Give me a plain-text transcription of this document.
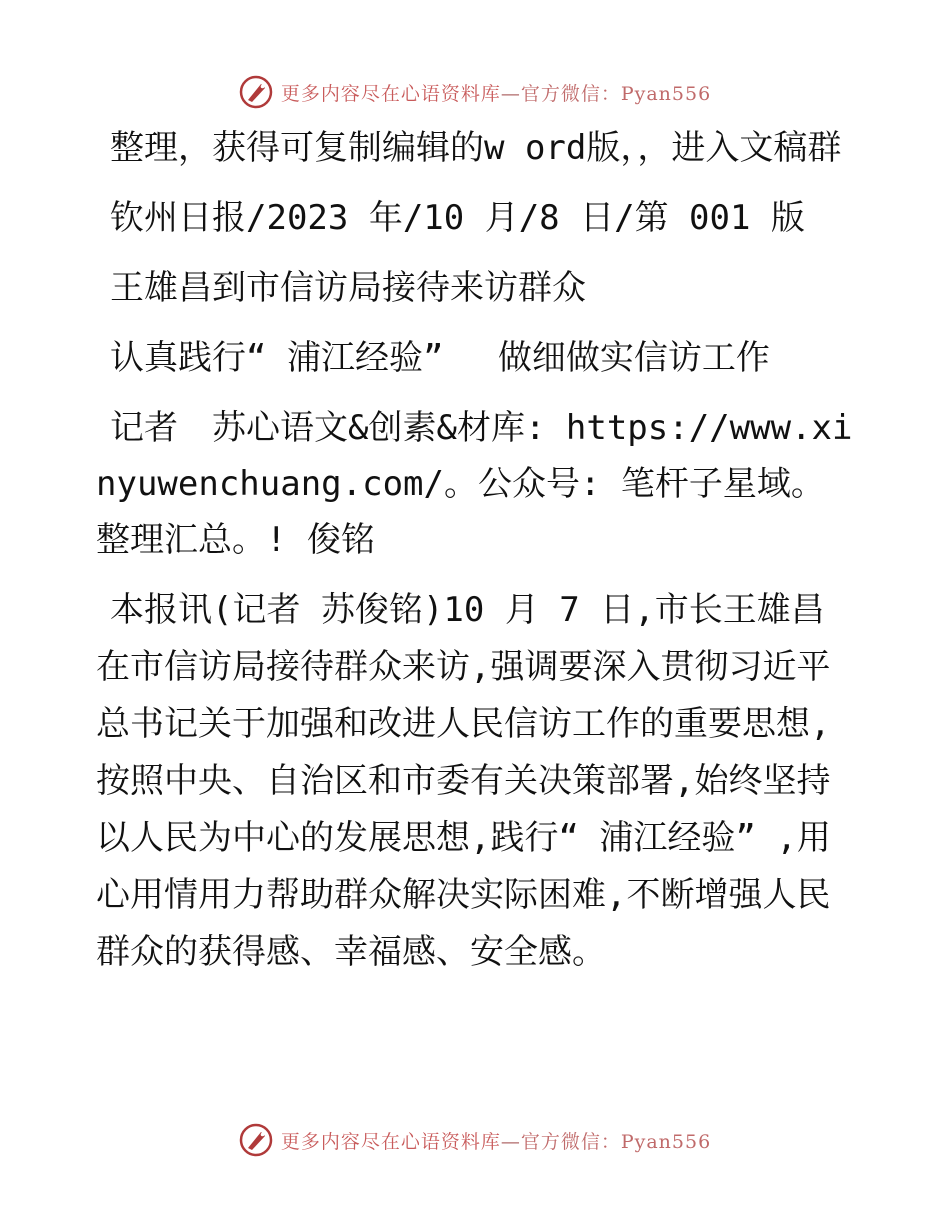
更多内容尽在心语资料库—官方微信：Pyan556

整理，获得可复制编辑的w ord版，，进入文稿群

钦州日报/2023 年/10 月/8 日/第 001 版

王雄昌到市信访局接待来访群众

认真践行“ 浦江经验”　 做细做实信访工作

记者　苏心语文&创素&材库: https://www.xinyuwenchuang.com/。公众号: 笔杆子星域。整理汇总。! 俊铭

本报讯(记者 苏俊铭)10 月 7 日,市长王雄昌在市信访局接待群众来访,强调要深入贯彻习近平总书记关于加强和改进人民信访工作的重要思想,按照中央、自治区和市委有关决策部署,始终坚持以人民为中心的发展思想,践行“ 浦江经验” ,用心用情用力帮助群众解决实际困难,不断增强人民群众的获得感、幸福感、安全感。

更多内容尽在心语资料库—官方微信：Pyan556
